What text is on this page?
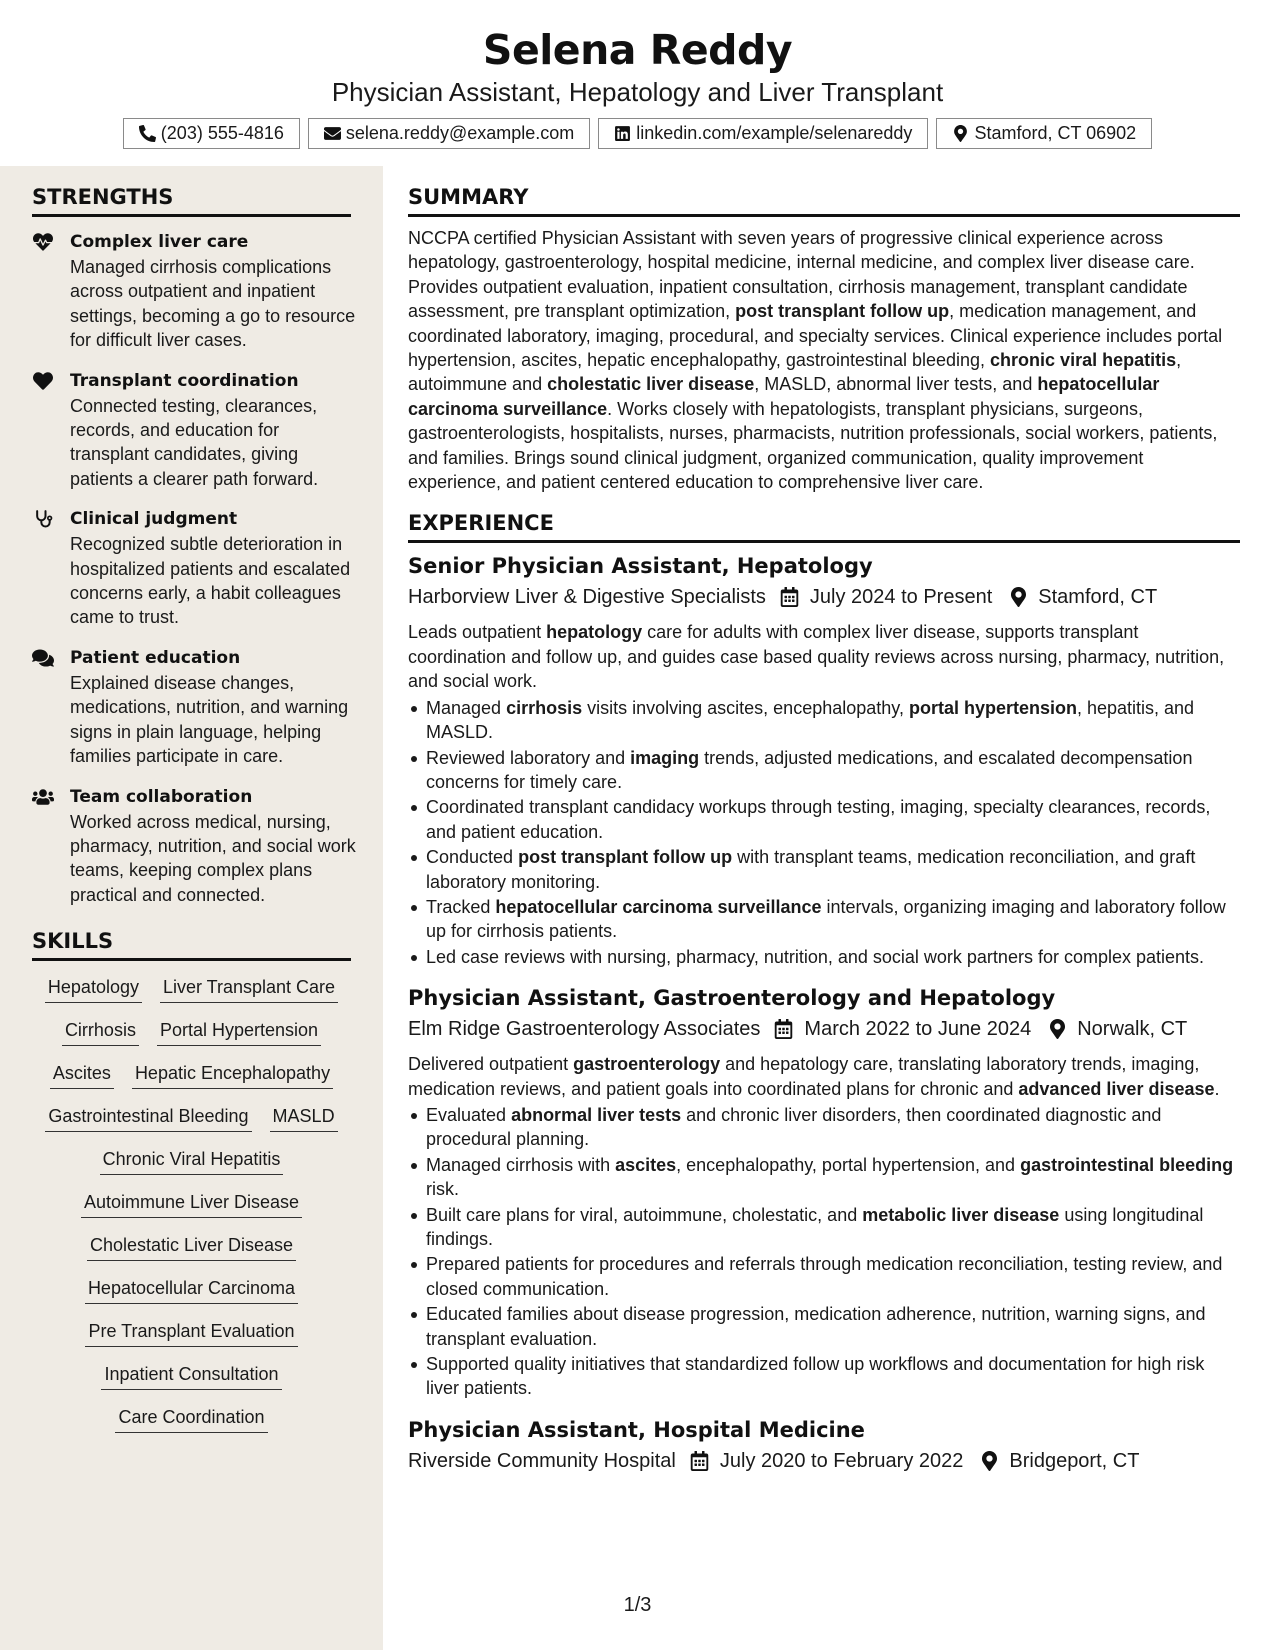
Selena Reddy
Physician Assistant, Hepatology and Liver Transplant
(203) 555-4816	selena.reddy@example.com	linkedin.com/example/selenareddy	Stamford, CT 06902
STRENGTHS
Complex liver care
Managed cirrhosis complications across outpatient and inpatient settings, becoming a go to resource for difficult liver cases.
Transplant coordination
Connected testing, clearances, records, and education for transplant candidates, giving patients a clearer path forward.
Clinical judgment
Recognized subtle deterioration in hospitalized patients and escalated concerns early, a habit colleagues came to trust.
Patient education
Explained disease changes, medications, nutrition, and warning signs in plain language, helping families participate in care.
Team collaboration
Worked across medical, nursing, pharmacy, nutrition, and social work teams, keeping complex plans practical and connected.
SKILLS
Hepatology Liver Transplant Care
Cirrhosis Portal Hypertension
Ascites Hepatic Encephalopathy
Gastrointestinal Bleeding MASLD
Chronic Viral Hepatitis
Autoimmune Liver Disease
Cholestatic Liver Disease
Hepatocellular Carcinoma
Pre Transplant Evaluation
Inpatient Consultation
Care Coordination
SUMMARY
NCCPA certified Physician Assistant with seven years of progressive clinical experience across hepatology, gastroenterology, hospital medicine, internal medicine, and complex liver disease care. Provides outpatient evaluation, inpatient consultation, cirrhosis management, transplant candidate assessment, pre transplant optimization, post transplant follow up, medication management, and coordinated laboratory, imaging, procedural, and specialty services. Clinical experience includes portal hypertension, ascites, hepatic encephalopathy, gastrointestinal bleeding, chronic viral hepatitis, autoimmune and cholestatic liver disease, MASLD, abnormal liver tests, and hepatocellular carcinoma surveillance. Works closely with hepatologists, transplant physicians, surgeons, gastroenterologists, hospitalists, nurses, pharmacists, nutrition professionals, social workers, patients, and families. Brings sound clinical judgment, organized communication, quality improvement experience, and patient centered education to comprehensive liver care.
EXPERIENCE
Senior Physician Assistant, Hepatology
Harborview Liver & Digestive Specialists July 2024 to Present Stamford, CT
Leads outpatient hepatology care for adults with complex liver disease, supports transplant coordination and follow up, and guides case based quality reviews across nursing, pharmacy, nutrition, and social work.
Managed cirrhosis visits involving ascites, encephalopathy, portal hypertension, hepatitis, and MASLD.
Reviewed laboratory and imaging trends, adjusted medications, and escalated decompensation concerns for timely care.
Coordinated transplant candidacy workups through testing, imaging, specialty clearances, records, and patient education.
Conducted post transplant follow up with transplant teams, medication reconciliation, and graft laboratory monitoring.
Tracked hepatocellular carcinoma surveillance intervals, organizing imaging and laboratory follow up for cirrhosis patients.
Led case reviews with nursing, pharmacy, nutrition, and social work partners for complex patients.
Physician Assistant, Gastroenterology and Hepatology
Elm Ridge Gastroenterology Associates March 2022 to June 2024 Norwalk, CT
Delivered outpatient gastroenterology and hepatology care, translating laboratory trends, imaging, medication reviews, and patient goals into coordinated plans for chronic and advanced liver disease.
Evaluated abnormal liver tests and chronic liver disorders, then coordinated diagnostic and procedural planning.
Managed cirrhosis with ascites, encephalopathy, portal hypertension, and gastrointestinal bleeding risk.
Built care plans for viral, autoimmune, cholestatic, and metabolic liver disease using longitudinal findings.
Prepared patients for procedures and referrals through medication reconciliation, testing review, and closed communication.
Educated families about disease progression, medication adherence, nutrition, warning signs, and transplant evaluation.
Supported quality initiatives that standardized follow up workflows and documentation for high risk liver patients.
Physician Assistant, Hospital Medicine
Riverside Community Hospital July 2020 to February 2022 Bridgeport, CT
1/3
